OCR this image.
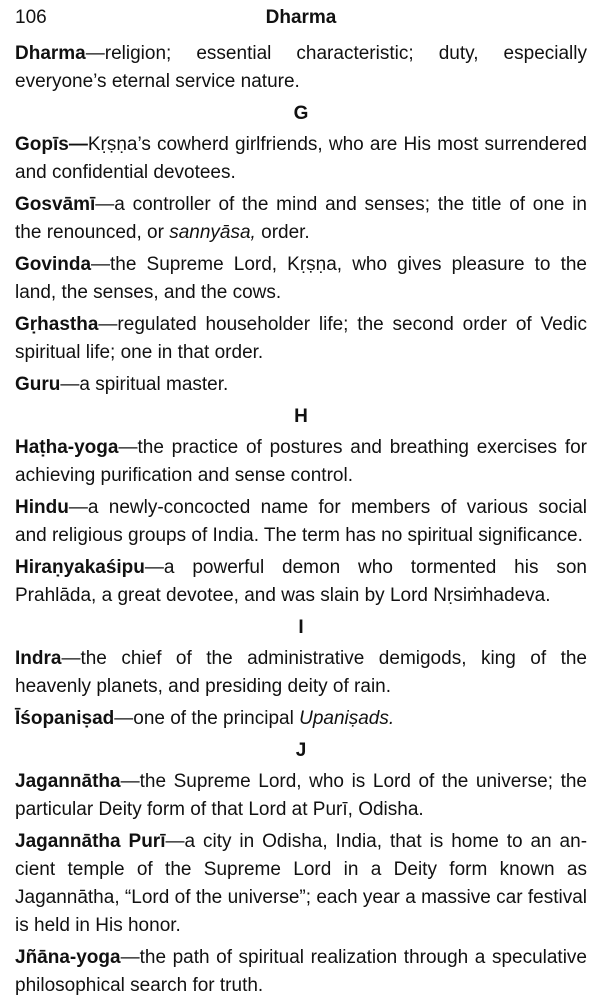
106	Dharma

Dharma—religion; essential characteristic; duty, especially everyone’s eternal service nature.

G

Gopīs—Kṛṣṇa’s cowherd girlfriends, who are His most surrendered and confidential devotees.

Gosvāmī—a controller of the mind and senses; the title of one in the renounced, or sannyāsa, order.

Govinda—the Supreme Lord, Kṛṣṇa, who gives pleasure to the land, the senses, and the cows.

Gṛhastha—regulated householder life; the second order of Vedic spiritual life; one in that order.

Guru—a spiritual master.

H

Haṭha-yoga—the practice of postures and breathing exercises for achieving purification and sense control.

Hindu—a newly-concocted name for members of various social and religious groups of India. The term has no spiritual significance.

Hiraṇyakaśipu—a powerful demon who tormented his son Prahlāda, a great devotee, and was slain by Lord Nṛsiṁhadeva.

I

Indra—the chief of the administrative demigods, king of the heavenly planets, and presiding deity of rain.

Īśopaniṣad—one of the principal Upaniṣads.

J

Jagannātha—the Supreme Lord, who is Lord of the universe; the particular Deity form of that Lord at Purī, Odisha.

Jagannātha Purī—a city in Odisha, India, that is home to an ancient temple of the Supreme Lord in a Deity form known as Jagannātha, “Lord of the universe”; each year a massive car festival is held in His honor.

Jñāna-yoga—the path of spiritual realization through a speculative philosophical search for truth.
